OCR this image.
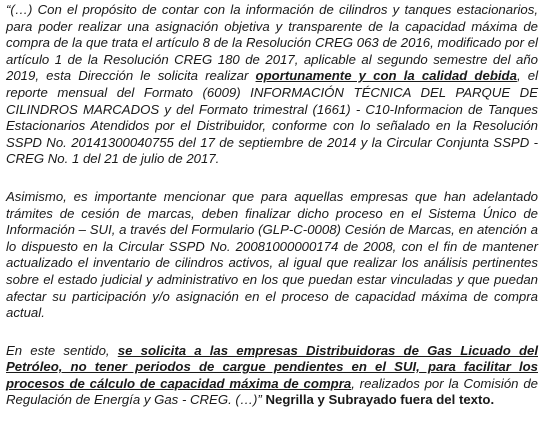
“(…) Con el propósito de contar con la información de cilindros y tanques estacionarios, para poder realizar una asignación objetiva y transparente de la capacidad máxima de compra de la que trata el artículo 8 de la Resolución CREG 063 de 2016, modificado por el artículo 1 de la Resolución CREG 180 de 2017, aplicable al segundo semestre del año 2019, esta Dirección le solicita realizar oportunamente y con la calidad debida, el reporte mensual del Formato (6009) INFORMACIÓN TÉCNICA DEL PARQUE DE CILINDROS MARCADOS y del Formato trimestral (1661) - C10-Informacion de Tanques Estacionarios Atendidos por el Distribuidor, conforme con lo señalado en la Resolución SSPD No. 20141300040755 del 17 de septiembre de 2014 y la Circular Conjunta SSPD - CREG No. 1 del 21 de julio de 2017.

Asimismo, es importante mencionar que para aquellas empresas que han adelantado trámites de cesión de marcas, deben finalizar dicho proceso en el Sistema Único de Información – SUI, a través del Formulario (GLP-C-0008) Cesión de Marcas, en atención a lo dispuesto en la Circular SSPD No. 20081000000174 de 2008, con el fin de mantener actualizado el inventario de cilindros activos, al igual que realizar los análisis pertinentes sobre el estado judicial y administrativo en los que puedan estar vinculadas y que puedan afectar su participación y/o asignación en el proceso de capacidad máxima de compra actual.

En este sentido, se solicita a las empresas Distribuidoras de Gas Licuado del Petróleo, no tener periodos de cargue pendientes en el SUI, para facilitar los procesos de cálculo de capacidad máxima de compra, realizados por la Comisión de Regulación de Energía y Gas - CREG. (…)” Negrilla y Subrayado fuera del texto.
